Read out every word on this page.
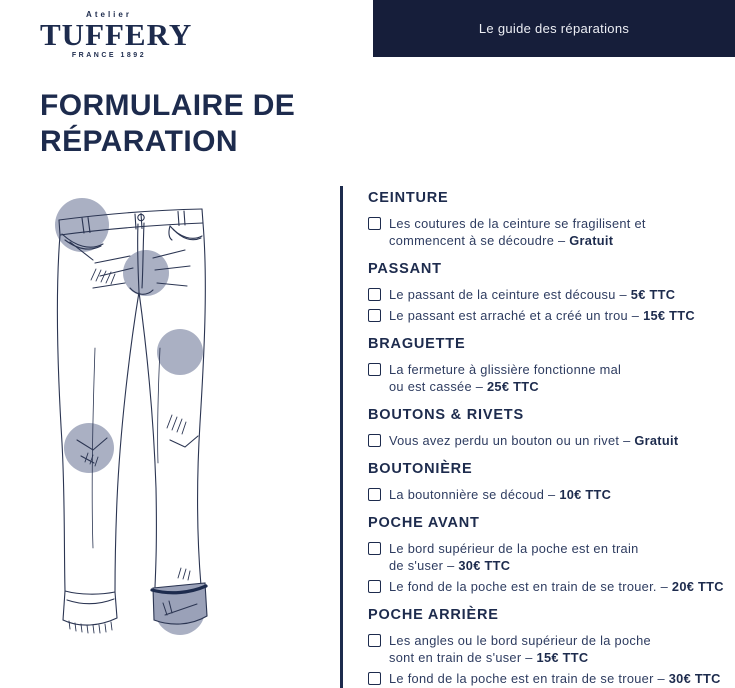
Atelier
TUFFERY
FRANCE 1892
Le guide des réparations
FORMULAIRE DE
RÉPARATION
CEINTURE
Les coutures de la ceinture se fragilisent et
commencent à se découdre – Gratuit
PASSANT
Le passant de la ceinture est décousu – 5€ TTC
Le passant est arraché et a créé un trou – 15€ TTC
BRAGUETTE
La fermeture à glissière fonctionne mal
ou est cassée – 25€ TTC
BOUTONS & RIVETS
Vous avez perdu un bouton ou un rivet – Gratuit
BOUTONIÈRE
La boutonnière se découd – 10€ TTC
POCHE AVANT
Le bord supérieur de la poche est en train
de s'user – 30€ TTC
Le fond de la poche est en train de se trouer. – 20€ TTC
POCHE ARRIÈRE
Les angles ou le bord supérieur de la poche
sont en train de s'user – 15€ TTC
Le fond de la poche est en train de se trouer – 30€ TTC
